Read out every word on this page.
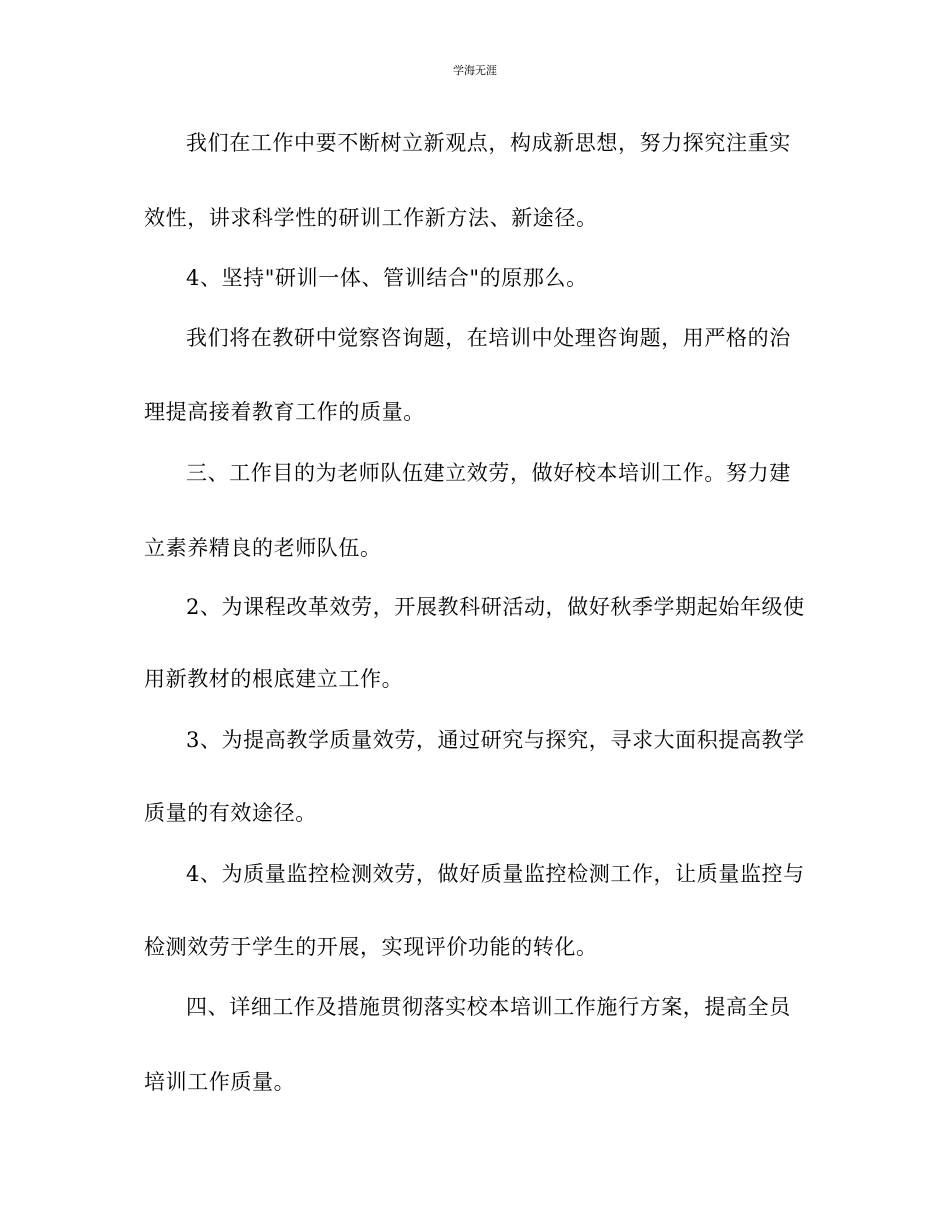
学海无涯
我们在工作中要不断树立新观点，构成新思想，努力探究注重实
效性，讲求科学性的研训工作新方法、新途径。
4、坚持"研训一体、管训结合"的原那么。
我们将在教研中觉察咨询题，在培训中处理咨询题，用严格的治
理提高接着教育工作的质量。
三、工作目的为老师队伍建立效劳，做好校本培训工作。努力建
立素养精良的老师队伍。
2、为课程改革效劳，开展教科研活动，做好秋季学期起始年级使
用新教材的根底建立工作。
3、为提高教学质量效劳，通过研究与探究，寻求大面积提高教学
质量的有效途径。
4、为质量监控检测效劳，做好质量监控检测工作，让质量监控与
检测效劳于学生的开展，实现评价功能的转化。
四、详细工作及措施贯彻落实校本培训工作施行方案，提高全员
培训工作质量。
